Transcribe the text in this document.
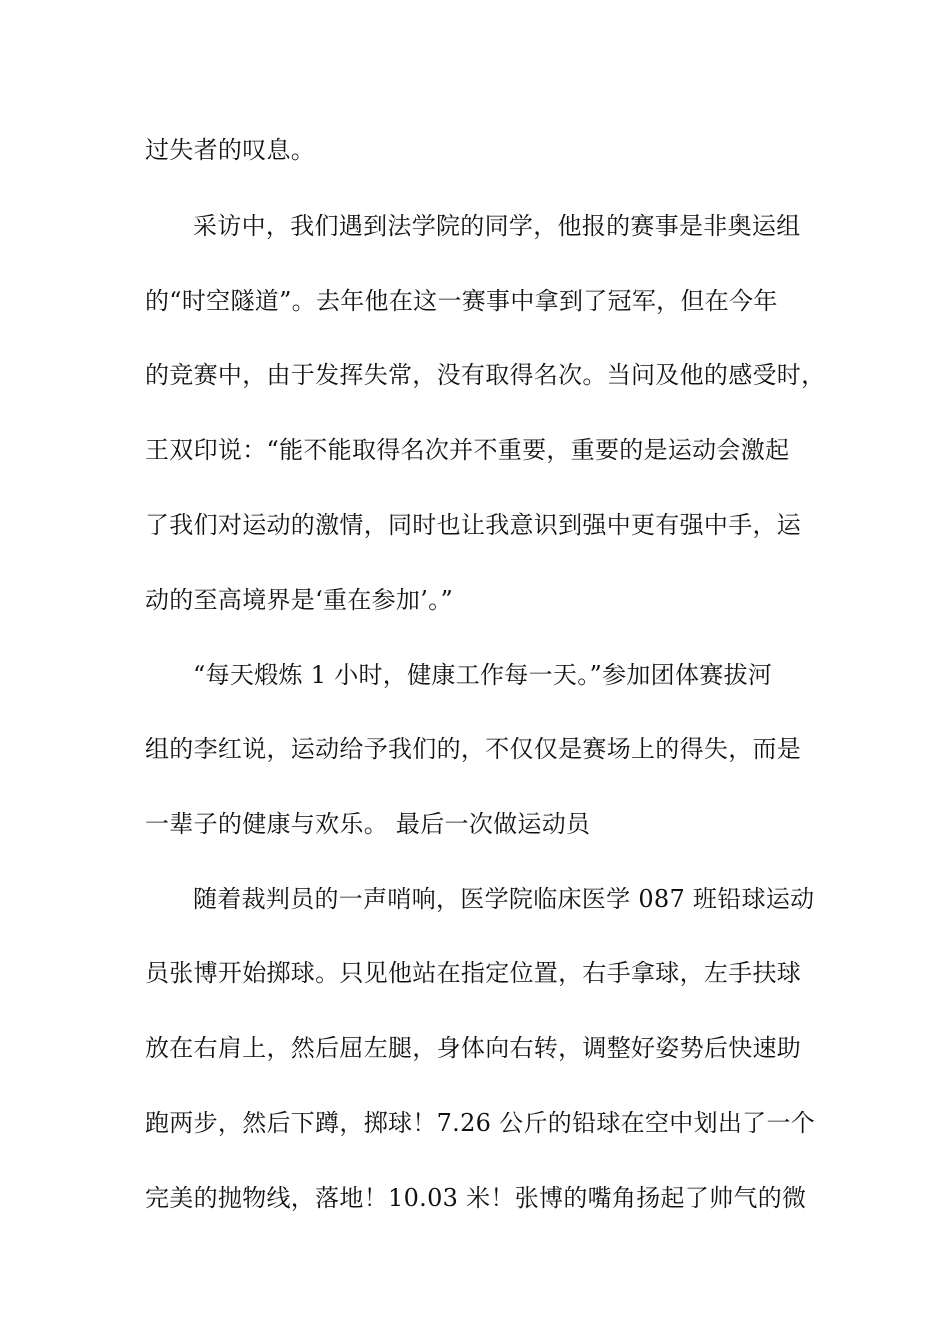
过失者的叹息。
采访中，我们遇到法学院的同学，他报的赛事是非奥运组
的“时空隧道”。去年他在这一赛事中拿到了冠军，但在今年
的竞赛中，由于发挥失常，没有取得名次。当问及他的感受时，
王双印说：“能不能取得名次并不重要，重要的是运动会激起
了我们对运动的激情，同时也让我意识到强中更有强中手，运
动的至高境界是‘重在参加’。”
“每天煅炼 1 小时，健康工作每一天。”参加团体赛拔河
组的李红说，运动给予我们的，不仅仅是赛场上的得失，而是
一辈子的健康与欢乐。 最后一次做运动员
随着裁判员的一声哨响，医学院临床医学 087 班铅球运动
员张博开始掷球。只见他站在指定位置，右手拿球，左手扶球
放在右肩上，然后屈左腿，身体向右转，调整好姿势后快速助
跑两步，然后下蹲，掷球！7.26 公斤的铅球在空中划出了一个
完美的抛物线，落地！10.03 米！张博的嘴角扬起了帅气的微
